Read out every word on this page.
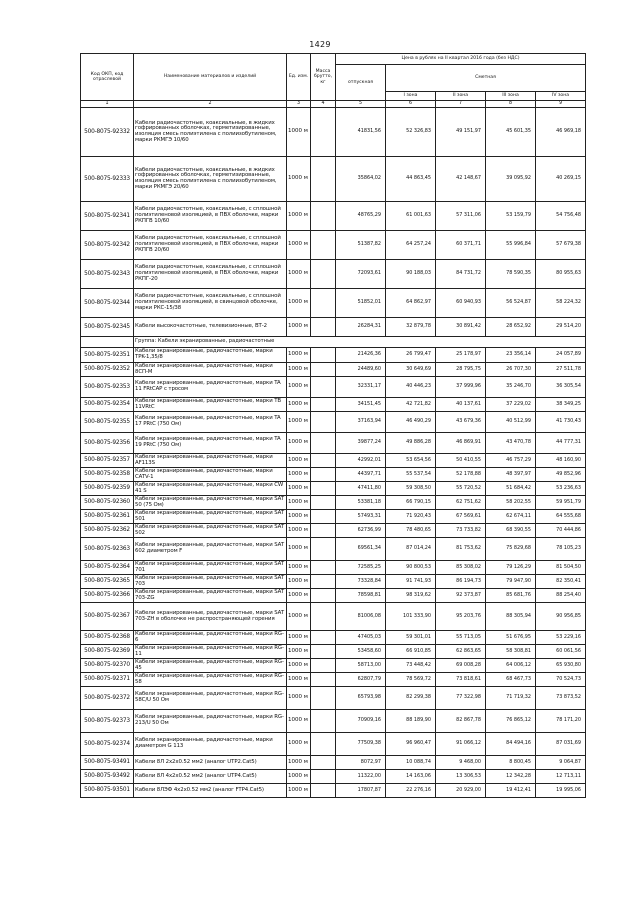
1429
Код ОКП, код отраслевой	Наименование материалов и изделий	Ед. изм.	Масса брутто, кг	Цена в рублях на II квартал 2016 года (без НДС)				
				отпускная	Сметная			
					I зона	II зона	III зона	IV зона
1	2	3	4	5	6	7	8	9
500-8075-92332	Кабели радиочастотные, коаксиальные, в жидких гофрированных оболочках, герметизированные, изоляция смесь полиэтилена с полиизобутиленом, марки РКМГЭ 10/60	1000 м		41831,56	52 326,83	49 151,97	45 601,35	46 969,18
500-8075-92333	Кабели радиочастотные, коаксиальные, в жидких гофрированных оболочках, герметизированные, изоляция смесь полиэтилена с полиизобутиленом, марки РКМГЭ 20/60	1000 м		35864,02	44 863,45	42 148,67	39 095,92	40 269,15
500-8075-92341	Кабели радиочастотные, коаксиальные, с сплошной полиэтиленовой изоляцией, в ПВХ оболочке, марки РКПГВ 10/60	1000 м		48765,29	61 001,63	57 311,06	53 159,79	54 756,48
500-8075-92342	Кабели радиочастотные, коаксиальные, с сплошной полиэтиленовой изоляцией, в ПВХ оболочке, марки РКПГВ 20/60	1000 м		51387,82	64 257,24	60 371,71	55 996,84	57 679,38
500-8075-92343	Кабели радиочастотные, коаксиальные, с сплошной полиэтиленовой изоляцией, в ПВХ оболочке, марки РКПГ-20	1000 м		72093,61	90 188,03	84 731,72	78 590,35	80 955,63
500-8075-92344	Кабели радиочастотные, коаксиальные, с сплошной полиэтиленовой изоляцией, в свинцовой оболочке, марки РКС-15/38	1000 м		51852,01	64 862,97	60 940,93	56 524,87	58 224,32
500-8075-92345	Кабели высокочастотные, телевизионные, ВТ-2	1000 м		26284,31	32 879,78	30 891,42	28 652,92	29 514,20
	Группа: Кабели экранированные, радиочастотные							
500-8075-92351	Кабели экранированные, радиочастотные, марки TPK-1,35/8	1000 м		21426,36	26 799,47	25 178,97	23 356,14	24 057,89
500-8075-92352	Кабели экранированные, радиочастотные, марки 8СП-М	1000 м		24489,60	30 649,69	28 795,75	26 707,30	27 511,78
500-8075-92353	Кабели экранированные, радиочастотные, марки TA 11 FRtCAP с тросом	1000 м		32331,17	40 446,23	37 999,96	35 246,70	36 305,54
500-8075-92354	Кабели экранированные, радиочастотные, марки TB 11VRtC	1000 м		34151,45	42 721,82	40 137,61	37 229,02	38 349,25
500-8075-92355	Кабели экранированные, радиочастотные, марки TA 17 PRtC (750 Ом)	1000 м		37163,94	46 490,29	43 679,36	40 512,99	41 730,43
500-8075-92356	Кабели экранированные, радиочастотные, марки TA 19 PRtC (750 Ом)	1000 м		39877,24	49 886,28	46 869,91	43 470,78	44 777,31
500-8075-92357	Кабели экранированные, радиочастотные, марки AF113S	1000 м		42992,01	53 654,56	50 410,55	46 757,29	48 160,90
500-8075-92358	Кабели экранированные, радиочастотные, марки CATV-1	1000 м		44397,71	55 537,54	52 178,88	48 397,97	49 852,96
500-8075-92359	Кабели экранированные, радиочастотные, марки CW 41 S	1000 м		47411,80	59 308,50	55 720,52	51 684,42	53 236,63
500-8075-92360	Кабели экранированные, радиочастотные, марки SAT 50 (75 Ом)	1000 м		53381,18	66 790,15	62 751,62	58 202,55	59 951,79
500-8075-92361	Кабели экранированные, радиочастотные, марки SAT 501	1000 м		57493,31	71 920,43	67 569,61	62 674,11	64 555,68
500-8075-92362	Кабели экранированные, радиочастотные, марки SAT 502	1000 м		62736,99	78 480,65	73 733,82	68 390,55	70 444,86
500-8075-92363	Кабели экранированные, радиочастотные, марки SAT 602 диаметром F	1000 м		69561,34	87 014,24	81 753,62	75 829,68	78 105,23
500-8075-92364	Кабели экранированные, радиочастотные, марки SAT 701	1000 м		72585,25	90 800,53	85 308,02	79 126,29	81 504,50
500-8075-92365	Кабели экранированные, радиочастотные, марки SAT 703	1000 м		73328,84	91 741,93	86 194,73	79 947,90	82 350,41
500-8075-92366	Кабели экранированные, радиочастотные, марки SAT 703-ZG	1000 м		78598,81	98 319,62	92 373,87	85 681,76	88 254,40
500-8075-92367	Кабели экранированные, радиочастотные, марки SAT 703-ZH в оболочке не распространяющей горения	1000 м		81006,08	101 333,90	95 203,76	88 305,94	90 956,85
500-8075-92368	Кабели экранированные, радиочастотные, марки RG-6	1000 м		47405,03	59 301,01	55 713,05	51 676,95	53 229,16
500-8075-92369	Кабели экранированные, радиочастотные, марки RG-11	1000 м		53458,60	66 910,85	62 863,65	58 308,81	60 061,56
500-8075-92370	Кабели экранированные, радиочастотные, марки RG-45	1000 м		58713,00	73 448,42	69 008,28	64 006,12	65 930,80
500-8075-92371	Кабели экранированные, радиочастотные, марки RG-58	1000 м		62807,79	78 569,72	73 818,61	68 467,73	70 524,73
500-8075-92372	Кабели экранированные, радиочастотные, марки RG-58C/U 50 Ом	1000 м		65793,98	82 299,38	77 322,98	71 719,32	73 873,52
500-8075-92373	Кабели экранированные, радиочастотные, марки RG-213/U 50 Ом	1000 м		70909,16	88 189,90	82 867,78	76 865,12	78 171,20
500-8075-92374	Кабели экранированные, радиочастотные, марки диаметром G 113	1000 м		77509,38	96 960,47	91 066,12	84 494,16	87 031,69
500-8075-93491	Кабели 8Л 2x2x0.52 мм2 (аналог UTP2.Cat5)	1000 м		8072,97	10 088,74	9 468,00	8 800,45	9 064,87
500-8075-93492	Кабели 8Л 4x2x0.52 мм2 (аналог UTP4.Cat5)	1000 м		11322,00	14 163,06	13 306,53	12 342,28	12 713,11
500-8075-93501	Кабели 8ЛЭФ 4x2x0.52 мм2 (аналог FTP4.Cat5)	1000 м		17807,87	22 276,16	20 929,00	19 412,41	19 995,06
